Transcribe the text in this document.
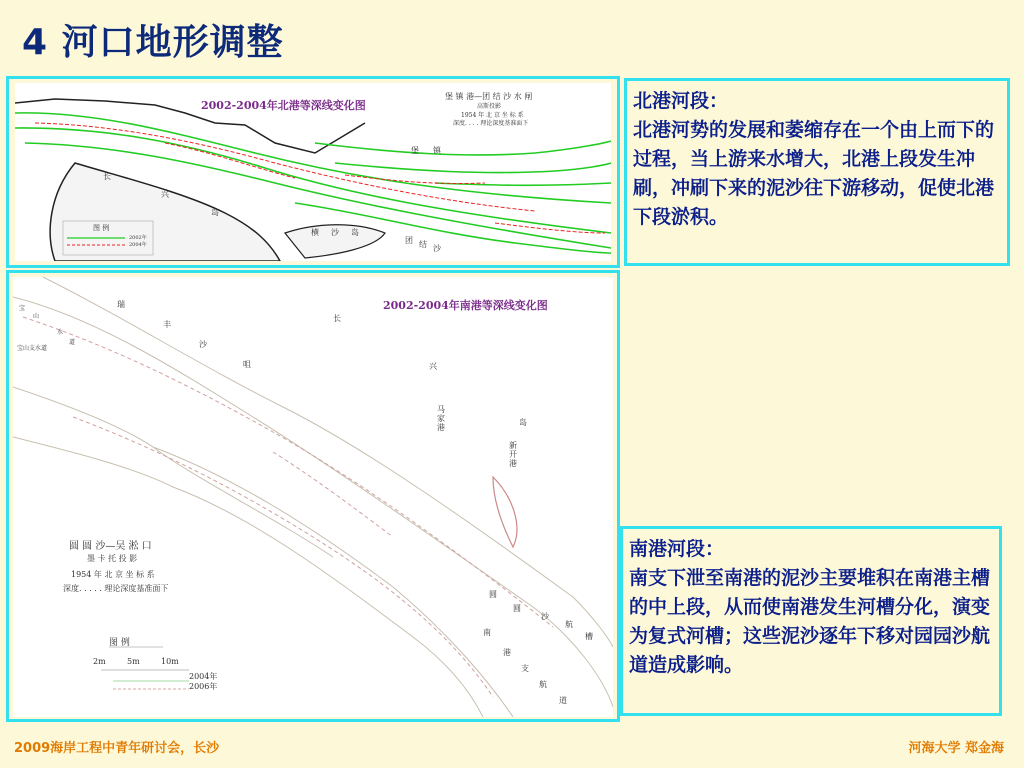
4 河口地形调整
2002-2004年北港等深线变化图
堡 镇 港—团 结 沙 水 闸
高斯投影
1954 年 北 京 坐 标 系
深度. . . . 理论深度基准面下
图 例
2002年
2004年
长
兴
岛
横 沙 岛
团 结 沙
堡 镇
2002-2004年南港等深线变化图
圆 圆 沙—吴 淞 口
墨 卡 托 投 影
1954 年 北 京 坐 标 系
深度. . . . . 理论深度基准面下
图 例
2m	5m	10m
2004年
2006年
瑞
丰
沙
咀
长
兴
岛
马家港
新开港
圆
圆
沙
航
槽
南
港
支
航
道
宝
山
水
道
宝山支水道
北港河段：
北港河势的发展和萎缩存在一个由上而下的过程，当上游来水增大，北港上段发生冲刷，冲刷下来的泥沙往下游移动，促使北港下段淤积。
南港河段：
南支下泄至南港的泥沙主要堆积在南港主槽的中上段，从而使南港发生河槽分化，演变为复式河槽；这些泥沙逐年下移对园园沙航道造成影响。
2009海岸工程中青年研讨会，长沙	河海大学 郑金海
